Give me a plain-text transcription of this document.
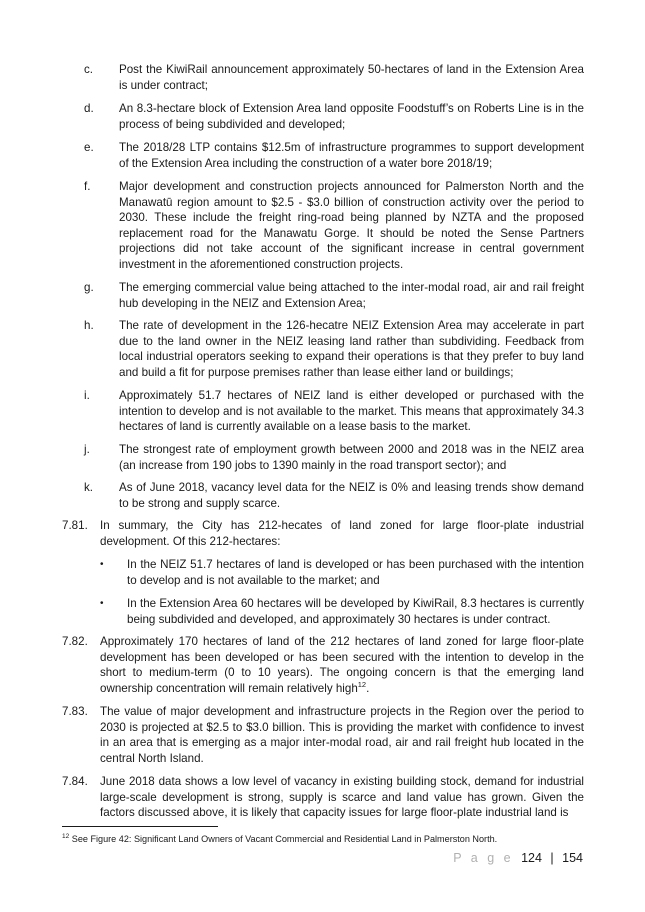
c.	Post the KiwiRail announcement approximately 50-hectares of land in the Extension Area is under contract;
d.	An 8.3-hectare block of Extension Area land opposite Foodstuff’s on Roberts Line is in the process of being subdivided and developed;
e.	The 2018/28 LTP contains $12.5m of infrastructure programmes to support development of the Extension Area including the construction of a water bore 2018/19;
f.	Major development and construction projects announced for Palmerston North and the Manawatū region amount to $2.5 - $3.0 billion of construction activity over the period to 2030. These include the freight ring-road being planned by NZTA and the proposed replacement road for the Manawatu Gorge. It should be noted the Sense Partners projections did not take account of the significant increase in central government investment in the aforementioned construction projects.
g.	The emerging commercial value being attached to the inter-modal road, air and rail freight hub developing in the NEIZ and Extension Area;
h.	The rate of development in the 126-hecatre NEIZ Extension Area may accelerate in part due to the land owner in the NEIZ leasing land rather than subdividing. Feedback from local industrial operators seeking to expand their operations is that they prefer to buy land and build a fit for purpose premises rather than lease either land or buildings;
i.	Approximately 51.7 hectares of NEIZ land is either developed or purchased with the intention to develop and is not available to the market. This means that approximately 34.3 hectares of land is currently available on a lease basis to the market.
j.	The strongest rate of employment growth between 2000 and 2018 was in the NEIZ area (an increase from 190 jobs to 1390 mainly in the road transport sector); and
k.	As of June 2018, vacancy level data for the NEIZ is 0% and leasing trends show demand to be strong and supply scarce.
7.81. In summary, the City has 212-hecates of land zoned for large floor-plate industrial development. Of this 212-hectares:
• In the NEIZ 51.7 hectares of land is developed or has been purchased with the intention to develop and is not available to the market; and
• In the Extension Area 60 hectares will be developed by KiwiRail, 8.3 hectares is currently being subdivided and developed, and approximately 30 hectares is under contract.
7.82. Approximately 170 hectares of land of the 212 hectares of land zoned for large floor-plate development has been developed or has been secured with the intention to develop in the short to medium-term (0 to 10 years). The ongoing concern is that the emerging land ownership concentration will remain relatively high$^{12}$.
7.83. The value of major development and infrastructure projects in the Region over the period to 2030 is projected at $2.5 to $3.0 billion. This is providing the market with confidence to invest in an area that is emerging as a major inter-modal road, air and rail freight hub located in the central North Island.
7.84. June 2018 data shows a low level of vacancy in existing building stock, demand for industrial large-scale development is strong, supply is scarce and land value has grown. Given the factors discussed above, it is likely that capacity issues for large floor-plate industrial land is
$^{12}$ See Figure 42: Significant Land Owners of Vacant Commercial and Residential Land in Palmerston North.
P a g e 124 | 154
